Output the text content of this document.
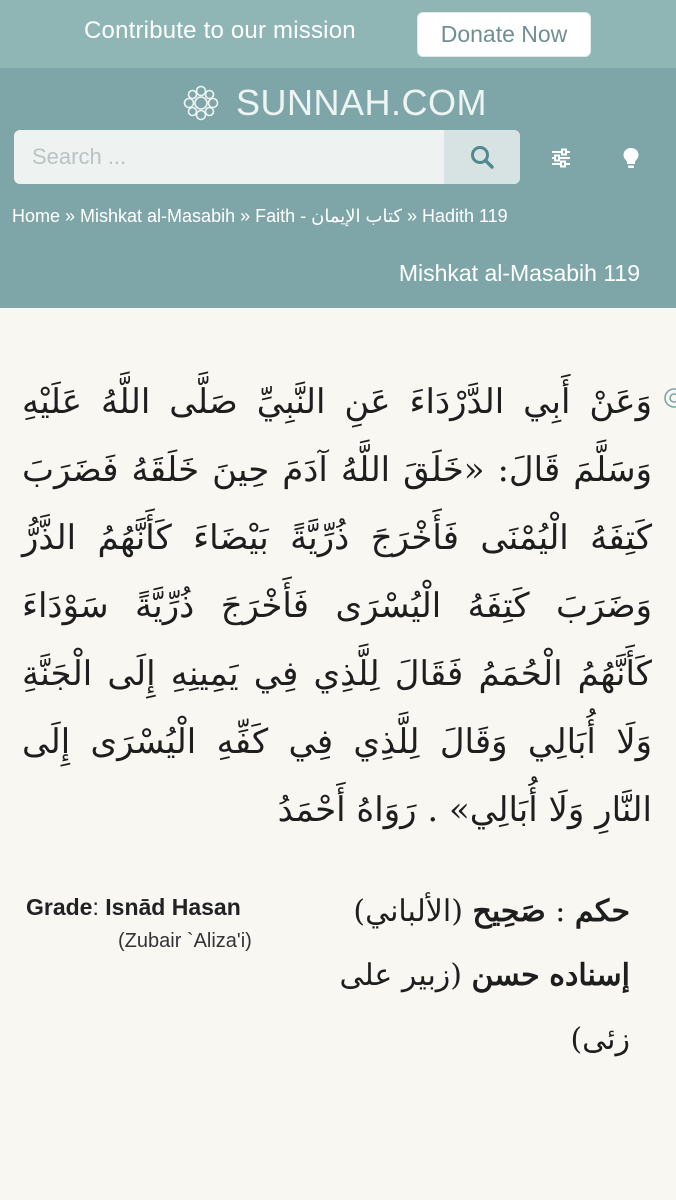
Contribute to our mission	Donate Now
SUNNAH.COM
Search ...
Home » Mishkat al-Masabih » Faith - كتاب الإيمان » Hadith 119
Mishkat al-Masabih 119
وَعَنْ أَبِي الدَّرْدَاءَ عَنِ النَّبِيِّ صَلَّى اللَّهُ عَلَيْهِ وَسَلَّمَ قَالَ: «خَلَقَ اللَّهُ آدَمَ حِينَ خَلَقَهُ فَضَرَبَ كَتِفَهُ الْيُمْنَى فَأَخْرَجَ ذُرِّيَّةً بَيْضَاءَ كَأَنَّهُمُ الذَّرُّ وَضَرَبَ كَتِفَهُ الْيُسْرَى فَأَخْرَجَ ذُرِّيَّةً سَوْدَاءَ كَأَنَّهُمُ الْحُمَمُ فَقَالَ لِلَّذِي فِي يَمِينِهِ إِلَى الْجَنَّةِ وَلَا أُبَالِي وَقَالَ لِلَّذِي فِي كَفِّهِ الْيُسْرَى إِلَى النَّارِ وَلَا أُبَالِي» . رَوَاهُ أَحْمَدُ
Grade: Isnād Hasan
(Zubair `Aliza'i)
حكم : صَحِيح (الألباني) إسناده حسن (زبير على زئى)
